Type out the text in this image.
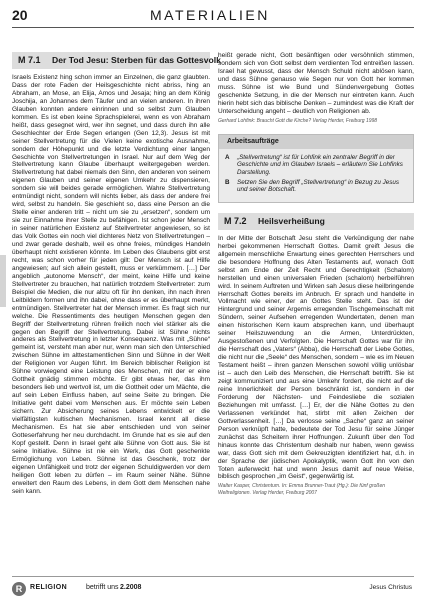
20	MATERIALIEN
M 7.1 Der Tod Jesu: Sterben für das Gottesvolk

Israels Existenz hing schon immer an Einzelnen, die ganz glaubten. Dass der rote Faden der Heilsgeschichte nicht abriss, hing an Abraham, an Mose, an Elija, Amos und Jesaja; hing an dem König Joschija, an Johannes dem Täufer und an vielen anderen. In ihren Glauben konnten andere einrinnen und so selbst zum Glauben kommen. Es ist eben keine Sprachspielerei, wenn es von Abraham heißt, dass gesegnet wird, wer ihn segnet, und dass durch ihn alle Geschlechter der Erde Segen erlangen (Gen 12,3). Jesus ist mit seiner Stellvertretung für die Vielen keine exotische Ausnahme, sondern der Höhepunkt und die letzte Verdichtung einer langen Geschichte von Stellvertretungen in Israel. Nur auf dem Weg der Stellvertretung kann Glaube überhaupt weitergegeben werden. Stellvertretung hat dabei niemals den Sinn, den anderen von seinem eigenen Glauben und seiner eigenen Umkehr zu dispensieren, sondern sie will beides gerade ermöglichen. Wahre Stellvertretung entmündigt nicht, sondern will nichts lieber, als dass der andere frei wird, selbst zu handeln. Sie geschieht so, dass eine Person an die Stelle einer anderen tritt – nicht um sie zu „ersetzen“, sondern um sie zur Einnahme ihrer Stelle zu befähigen. Ist schon jeder Mensch in seiner natürlichen Existenz auf Stellvertreter angewiesen, so ist das Volk Gottes ein noch viel dichteres Netz von Stellvertretungen – und zwar gerade deshalb, weil es ohne freies, mündiges Handeln überhaupt nicht existieren könnte. Im Leben des Glaubens gibt erst recht, was schon vorher für jeden gilt: Der Mensch ist auf Hilfe angewiesen; auf sich allein gestellt, muss er verkümmern. […] Der angeblich „autonome Mensch“, der meint, keine Hilfe und keine Stellvertreter zu brauchen, hat natürlich trotzdem Stellvertreter: zum Beispiel die Medien, die nur allzu oft für ihn denken, ihn nach ihren Leitbildern formen und ihn dabei, ohne dass er es überhaupt merkt, entmündigen. Stellvertreter hat der Mensch immer. Es fragt sich nur welche. Die Ressentiments des heutigen Menschen gegen den Begriff der Stellvertretung rühren freilich noch viel stärker als die gegen den Begriff der Stellvertretung. Dabei ist Sühne nichts anderes als Stellvertretung in letzter Konsequenz. Was mit „Sühne“ gemeint ist, versteht man aber nur, wenn man sich den Unterschied zwischen Sühne im alttestamentlichen Sinn und Sühne in der Welt der Religionen vor Augen führt. Im Bereich biblischer Religion ist Sühne vorwiegend eine Leistung des Menschen, mit der er eine Gottheit gnädig stimmen möchte. Er gibt etwas her, das ihm besonders lieb und wertvoll ist, um die Gottheit oder um Mächte, die auf sein Leben Einfluss haben, auf seine Seite zu bringen. Die Initiative geht dabei vom Menschen aus. Er möchte sein Leben sichern. Zur Absicherung seines Lebens entwickelt er die vielfältigsten kultischen Mechanismen. Israel kennt all diese Mechanismen. Es hat sie aber entschieden und von seiner Gotteserfahrung her neu durchdacht. Im Grunde hat es sie auf den Kopf gestellt. Denn in Israel geht alle Sühne von Gott aus. Sie ist seine Initiative. Sühne ist nie ein Werk, das Gott geschenkte Ermöglichung von Leben. Sühne ist das Geschenk, trotz der eigenen Unfähigkeit und trotz der eigenen Schuldigwerden vor dem heiligen Gott leben zu dürfen – im Raum seiner Nähe. Sühne erweitert den Raum des Lebens, in dem Gott dem Menschen nahe sein kann.

heißt gerade nicht, Gott besänftigen oder versöhnlich stimmen, sondern sich von Gott selbst dem verdienten Tod entreißen lassen. Israel hat gewusst, dass der Mensch Schuld nicht ablösen kann, und dass Sühne genauso wie Segen nur von Gott her kommen muss. Sühne ist wie Bund und Sündenvergebung Gottes geschenkte Setzung, in die der Mensch nur eintreten kann. Auch hierin hebt sich das biblische Denken – zumindest was die Kraft der Unterscheidung angeht – deutlich von Religionen ab.

Gerhard Lohfink: Braucht Gott die Kirche? Verlag Herder, Freiburg 1998

Arbeitsaufträge
A „Stellvertretung“ ist für Lohfink ein zentraler Begriff in der Geschichte und im Glauben Israels – erläutern Sie Lohfinks Darstellung.
B Setzen Sie den Begriff „Stellvertretung“ in Bezug zu Jesus und seiner Botschaft.
M 7.2 Heilsverheißung

In der Mitte der Botschaft Jesu steht die Verkündigung der nahe herbei gekommenen Herrschaft Gottes. Damit greift Jesus die allgemein menschliche Erwartung eines gerechten Herrschers und die besondere Hoffnung des Alten Testaments auf, wonach Gott selbst am Ende der Zeit Recht und Gerechtigkeit (Schalom) herstellen und einen universalen Frieden (schalom) herbeiführen wird. In seinem Auftreten und Wirken sah Jesus diese heilbringende Herrschaft Gottes bereits im Anbruch. Er sprach und handelte in Vollmacht wie einer, der an Gottes Stelle steht. Das ist der Hintergrund und seiner Argernis erregenden Tischgemeinschaft mit Sündern, seiner Aufsehen erregenden Wundertaten, denen man einen historischen Kern kaum absprechen kann, und überhaupt seiner Heilszuwendung an die Armen, Unterdrückten, Ausgestoßenen und Verfolgten. Die Herrschaft Gottes war für ihn die Herrschaft des „Vaters“ (Abba), die Herrschaft der Liebe Gottes, die nicht nur die „Seele“ des Menschen, sondern – wie es im Neuen Testament heißt – ihren ganzen Menschen sowohl völlig unlösbar ist – auch den Leib des Menschen, die Herrschaft betrifft. Sie ist zeigt kommuniziert und aus eine Umkehr fordert, die nicht auf die reine Innerlichkeit der Person beschränkt ist, sondern in der Forderung der Nächsten- und Feindesliebe die sozialen Beziehungen mit umfasst. […] Er, der die Nähe Gottes zu den Verlassenen verkündet hat, stirbt mit allen Zeichen der Gottverlassenheit. […] Da verlosse seine „Sache“ ganz an seiner Person verknüpft hatte, bedeutete der Tod Jesu für seine Jünger zunächst das Scheitern ihrer Hoffnungen. Zukunft über den Tod hinaus konnte das Christentum deshalb nur haben, wenn gewiss war, dass Gott sich mit dem Gekreuzigten identifiziert hat, d.h. in der Sprache der jüdischen Apokalyptik, wenn Gott ihn von den Toten auferweckt hat und wenn Jesus damit auf neue Weise, biblisch gesprochen „im Geist“, gegenwärtig ist.

Walter Kasper, Christentum. In: Emma Brunner-Traut (Hg.): Die fünf großen Weltreligionen. Verlag Herder, Freiburg 2007

R	RELIGION	betrifft uns 2.2008	Jesus Christus
